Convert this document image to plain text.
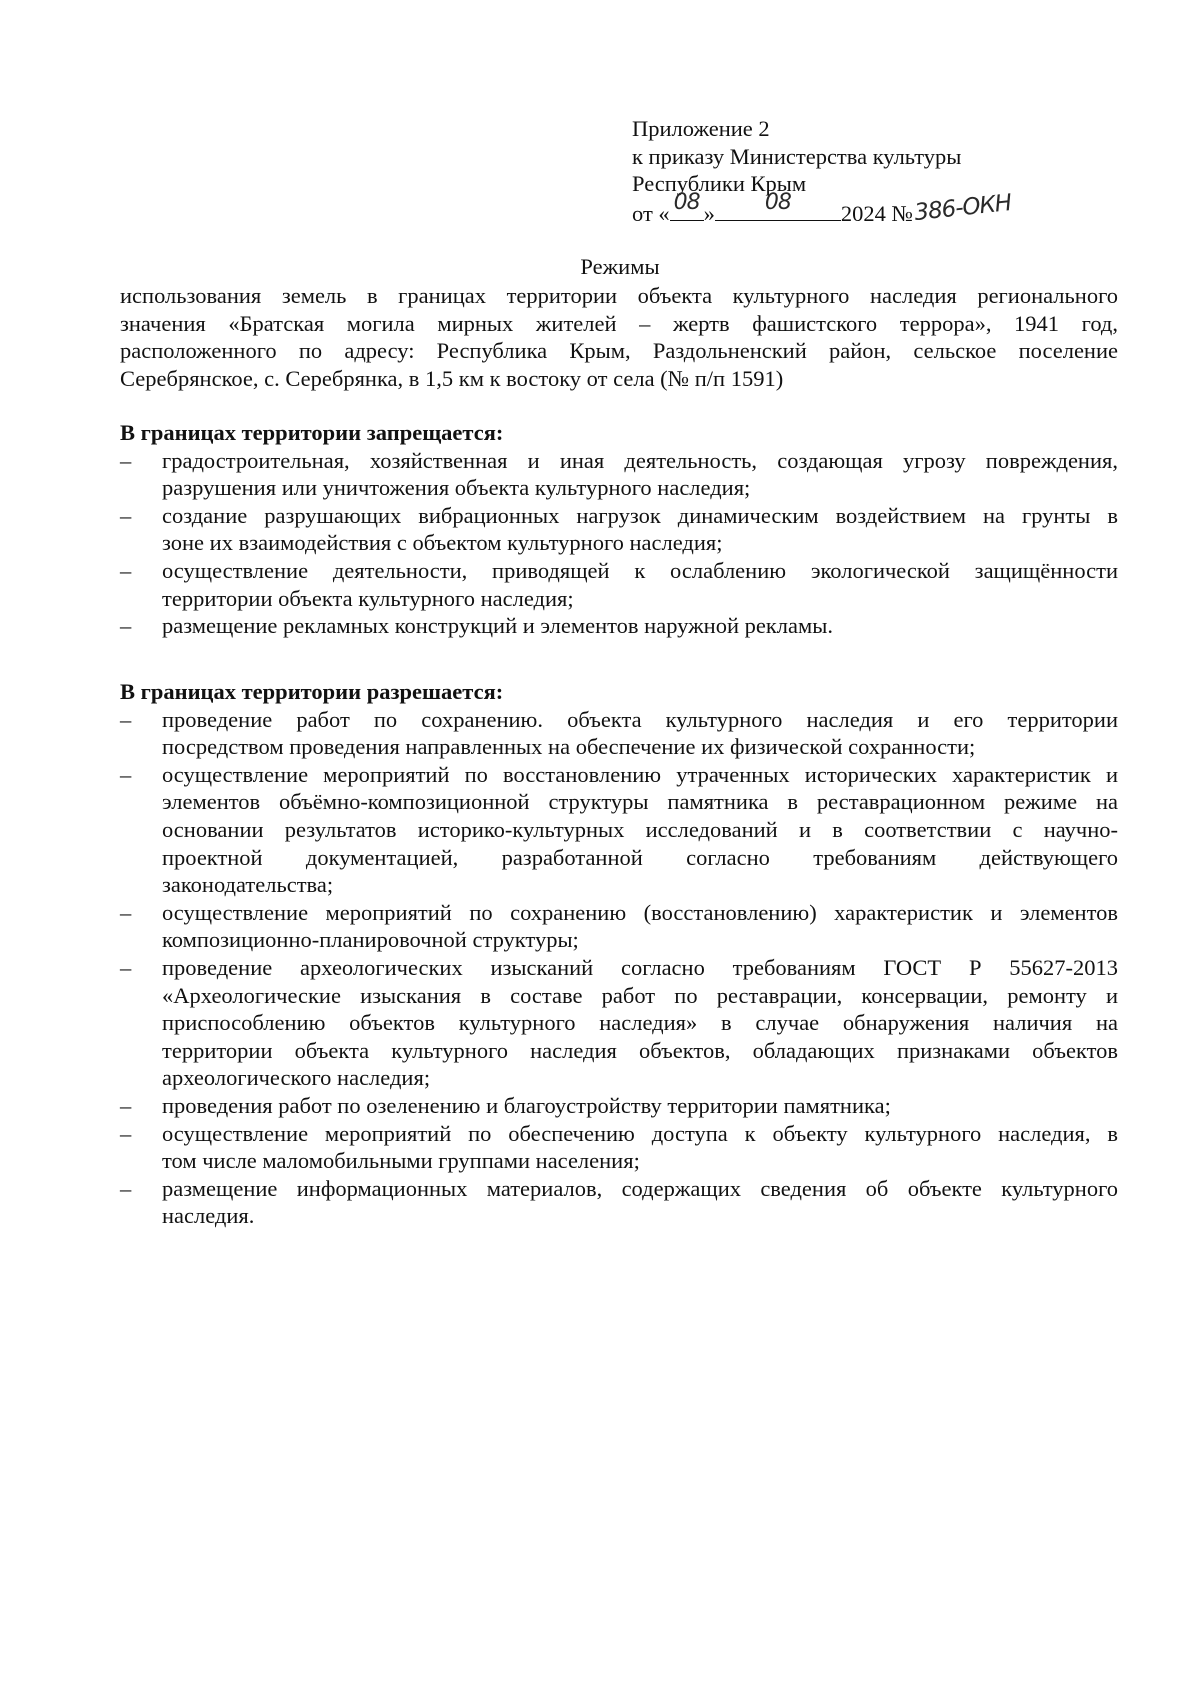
Приложение 2
к приказу Министерства культуры
Республики Крым
от « 08 »	08	2024 №386-ОКН
Режимы
использования земель в границах территории объекта культурного наследия регионального
значения «Братская могила мирных жителей – жертв фашистского террора», 1941 год,
расположенного по адресу: Республика Крым, Раздольненский район, сельское поселение
Серебрянское, с. Серебрянка, в 1,5 км к востоку от села (№ п/п 1591)
В границах территории запрещается:
– градостроительная, хозяйственная и иная деятельность, создающая угрозу повреждения,
разрушения или уничтожения объекта культурного наследия;
– создание разрушающих вибрационных нагрузок динамическим воздействием на грунты в
зоне их взаимодействия с объектом культурного наследия;
– осуществление деятельности, приводящей к ослаблению экологической защищённости
территории объекта культурного наследия;
– размещение рекламных конструкций и элементов наружной рекламы.
В границах территории разрешается:
– проведение работ по сохранению. объекта культурного наследия и его территории
посредством проведения направленных на обеспечение их физической сохранности;
– осуществление мероприятий по восстановлению утраченных исторических характеристик и
элементов объёмно-композиционной структуры памятника в реставрационном режиме на
основании результатов историко-культурных исследований и в соответствии с научно-
проектной документацией, разработанной согласно требованиям действующего
законодательства;
– осуществление мероприятий по сохранению (восстановлению) характеристик и элементов
композиционно-планировочной структуры;
– проведение археологических изысканий согласно требованиям ГОСТ Р 55627-2013
«Археологические изыскания в составе работ по реставрации, консервации, ремонту и
приспособлению объектов культурного наследия» в случае обнаружения наличия на
территории объекта культурного наследия объектов, обладающих признаками объектов
археологического наследия;
– проведения работ по озеленению и благоустройству территории памятника;
– осуществление мероприятий по обеспечению доступа к объекту культурного наследия, в
том числе маломобильными группами населения;
– размещение информационных материалов, содержащих сведения об объекте культурного
наследия.
